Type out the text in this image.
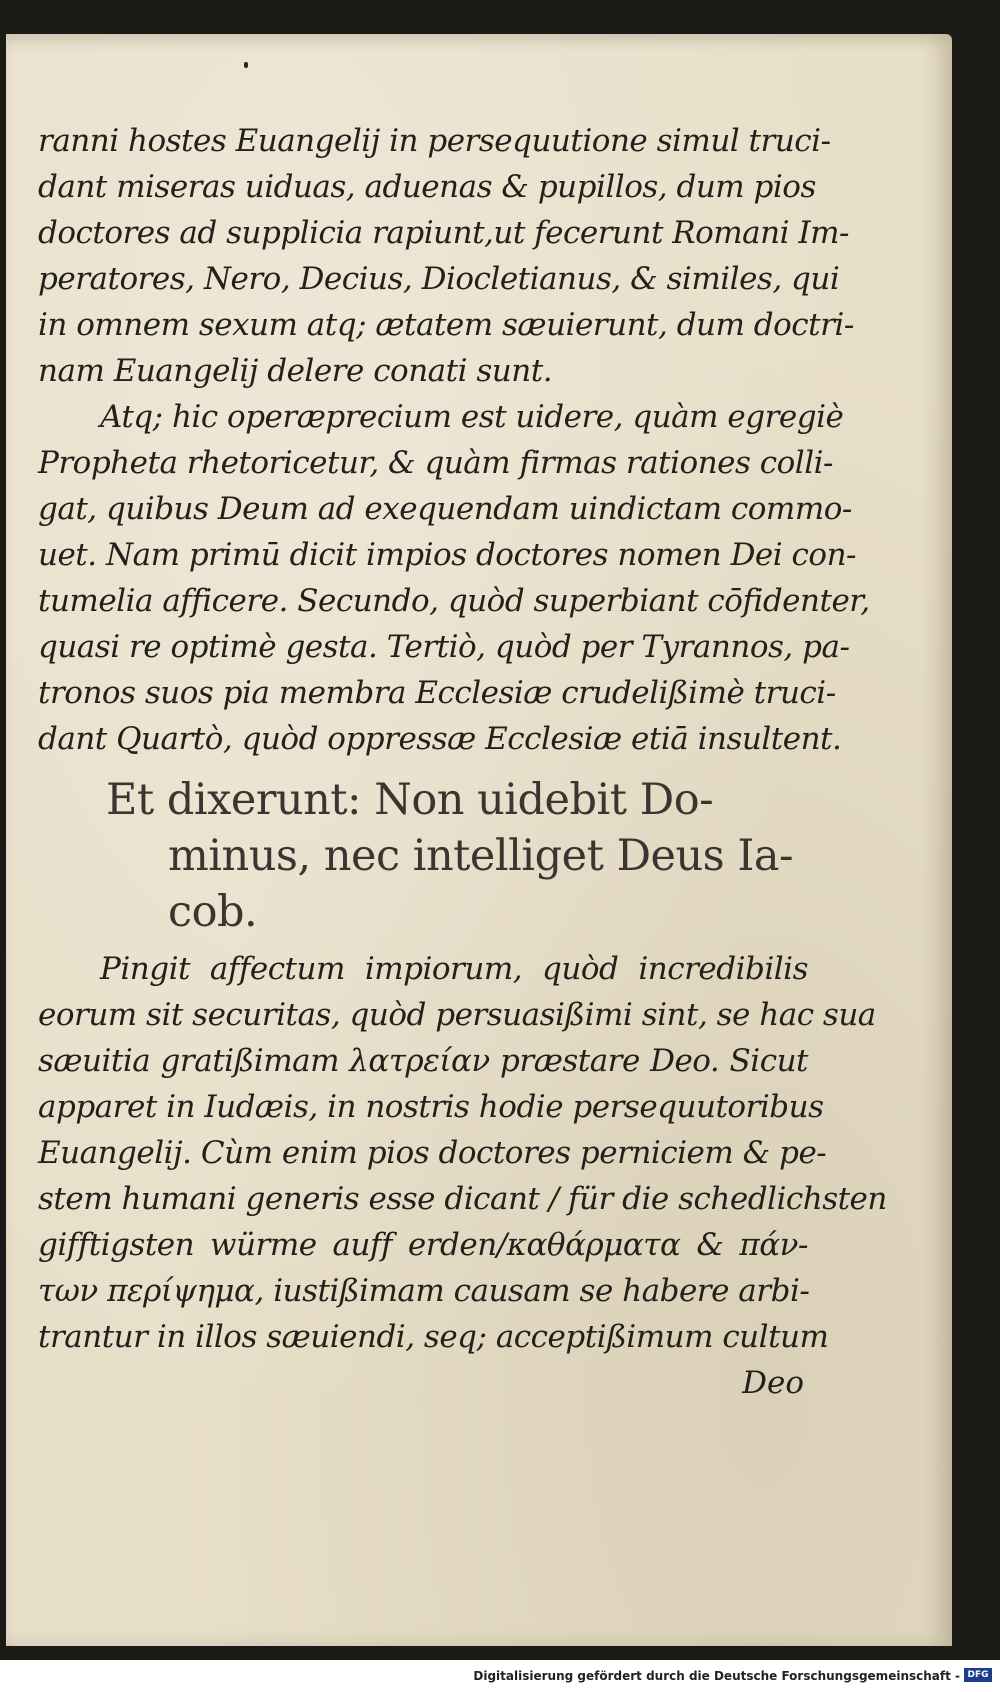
ranni hostes Euangelij in persequutione simul truci-
dant miseras uiduas, aduenas & pupillos, dum pios
doctores ad supplicia rapiunt,ut fecerunt Romani Im-
peratores, Nero, Decius, Diocletianus, & similes, qui
in omnem sexum atq; ætatem sæuierunt, dum doctri-
nam Euangelij delere conati sunt.
Atq; hic operæprecium est uidere, quàm egregiè
Propheta rhetoricetur, & quàm firmas rationes colli-
gat, quibus Deum ad exequendam uindictam commo-
uet. Nam primū dicit impios doctores nomen Dei con-
tumelia afficere. Secundo, quòd superbiant cōfidenter,
quasi re optimè gesta. Tertiò, quòd per Tyrannos, pa-
tronos suos pia membra Ecclesiæ crudelißimè truci-
dant Quartò, quòd oppressæ Ecclesiæ etiā insultent.
Et dixerunt: Non uidebit Do-
minus, nec intelliget Deus Ia-
cob.
Pingit affectum impiorum, quòd incredibilis
eorum sit securitas, quòd persuasißimi sint, se hac sua
sæuitia gratißimam λατρείαν præstare Deo. Sicut
apparet in Iudæis, in nostris hodie persequutoribus
Euangelij. Cùm enim pios doctores perniciem & pe-
stem humani generis esse dicant / für die schedlichsten
gifftigsten würme auff erden/καθάρματα & πάν-
των περίψημα, iustißimam causam se habere arbi-
trantur in illos sæuiendi, seq; acceptißimum cultum
Deo
Digitalisierung gefördert durch die Deutsche Forschungsgemeinschaft - DFG
